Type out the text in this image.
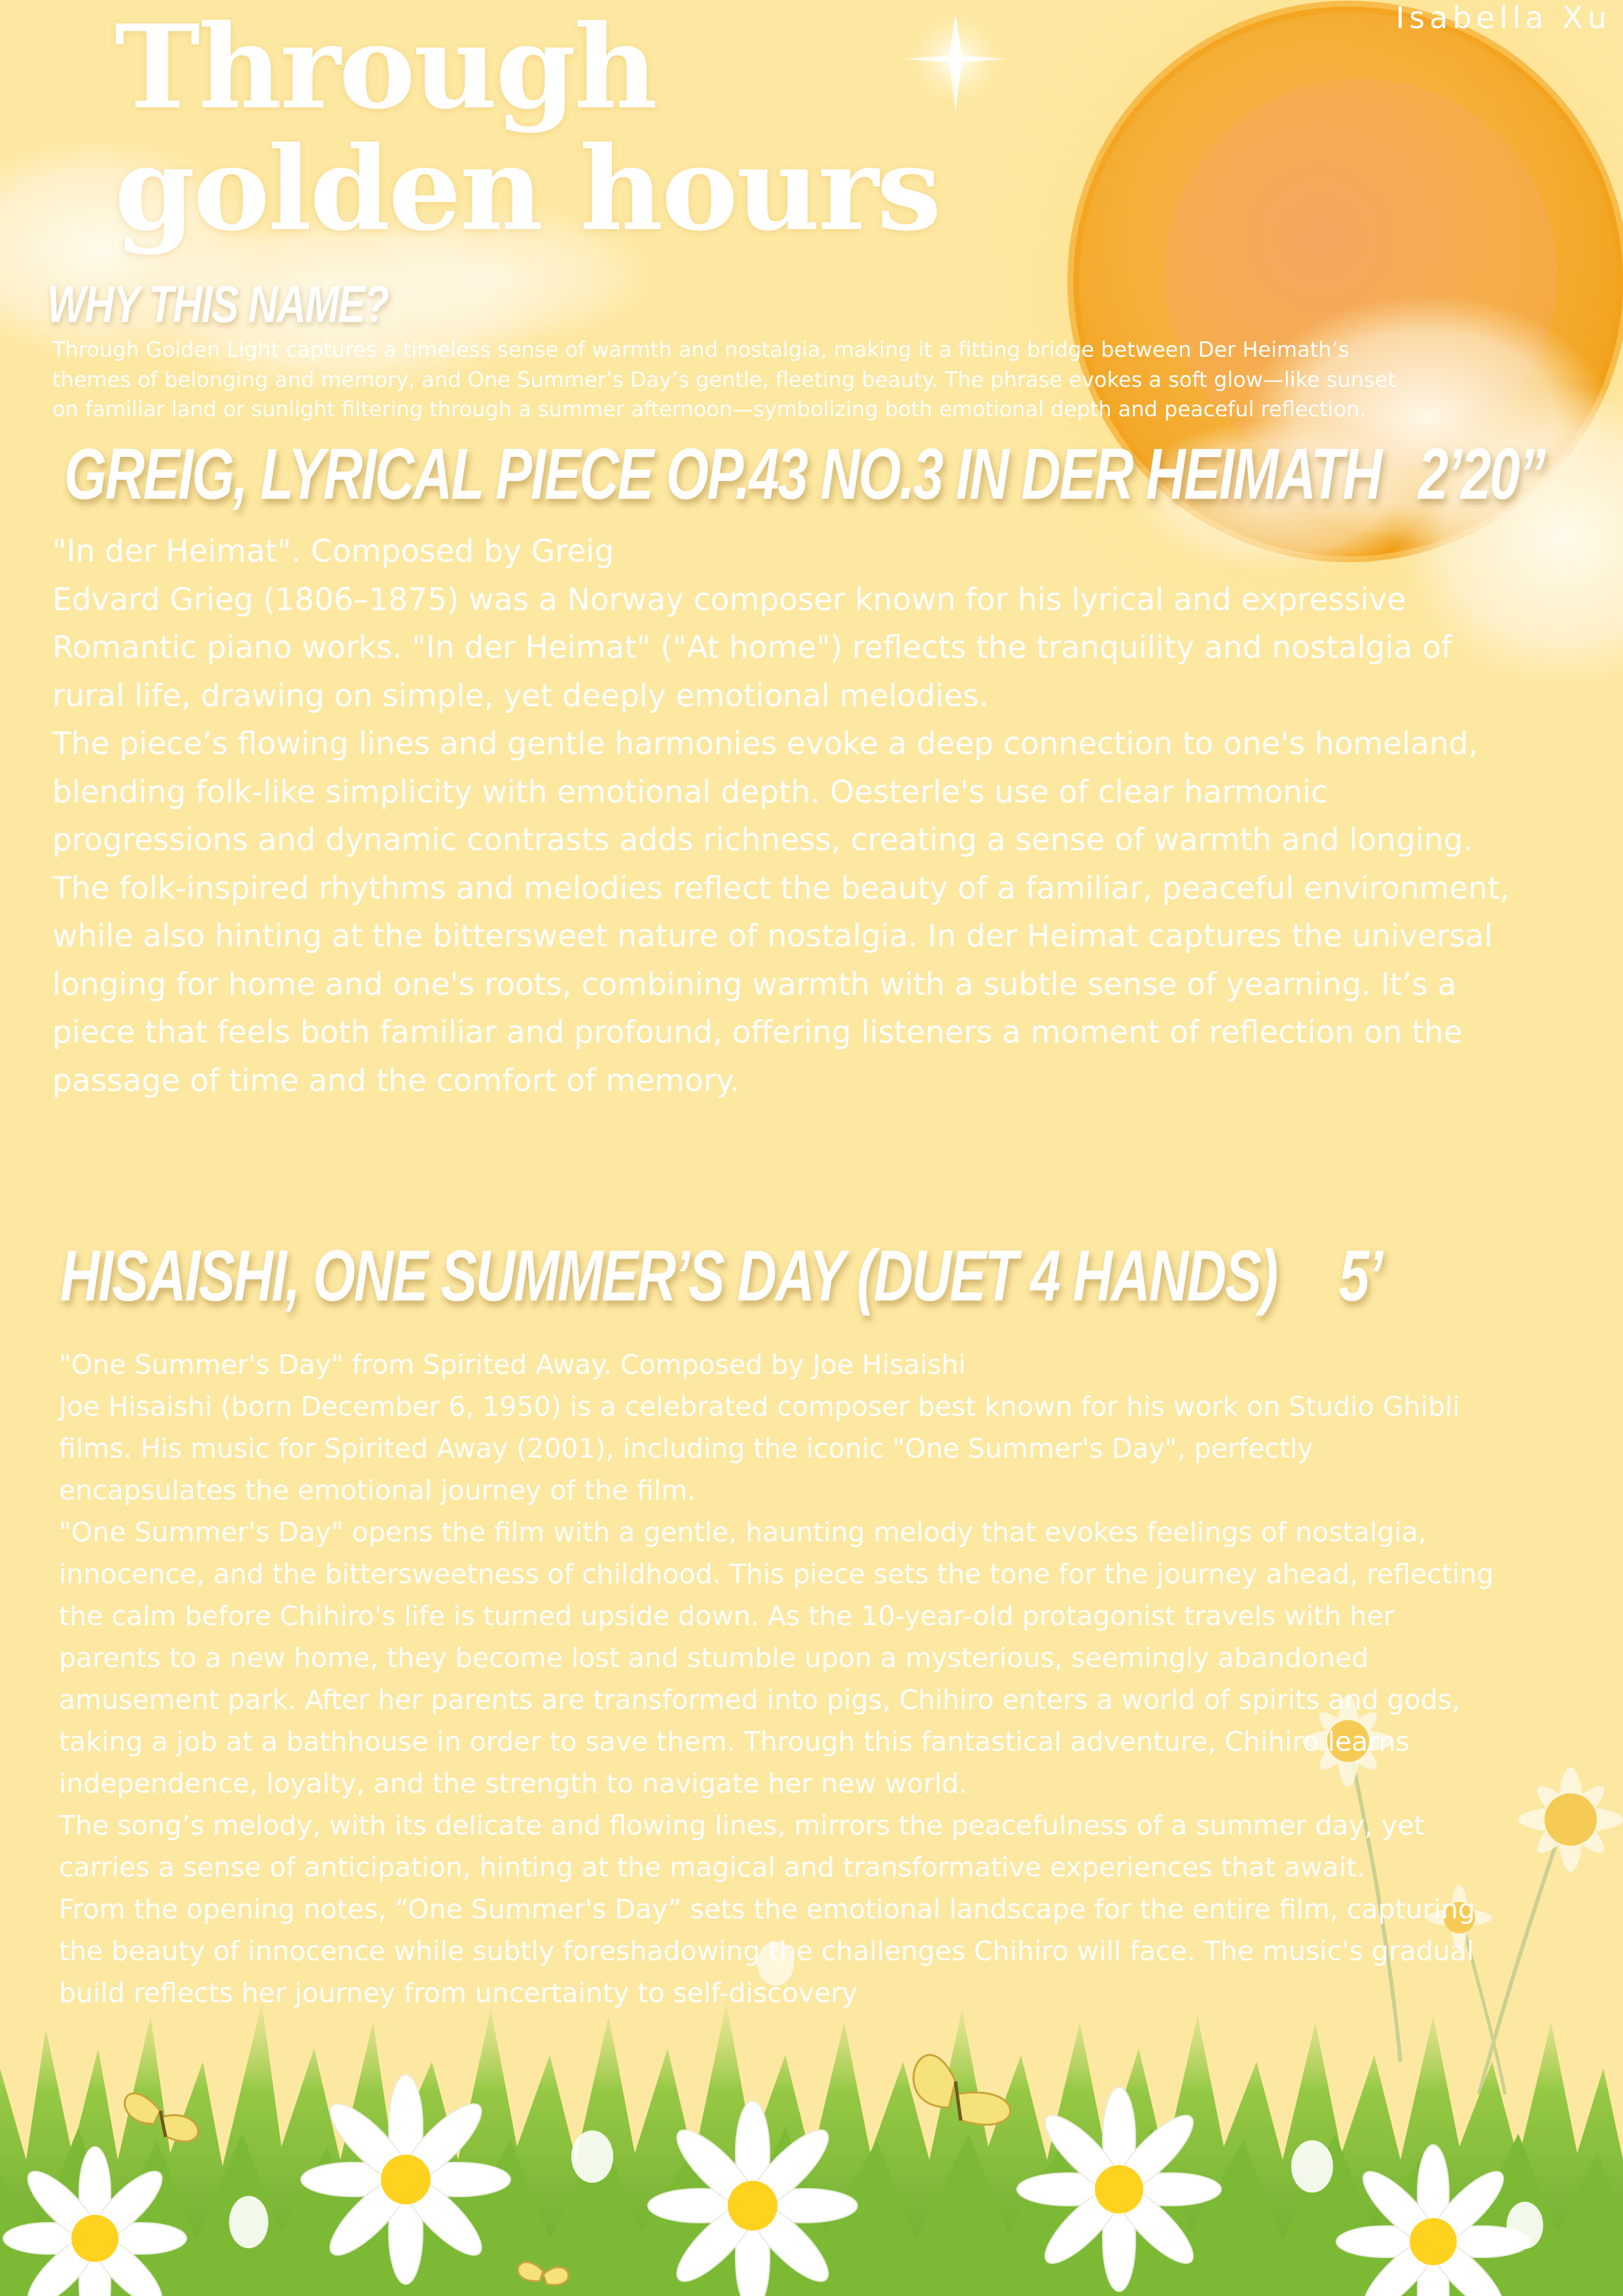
Isabella Xu
Through golden hours
WHY THIS NAME?

Through Golden Light captures a timeless sense of warmth and nostalgia, making it a fitting bridge between Der Heimath’s themes of belonging and memory, and One Summer’s Day’s gentle, fleeting beauty. The phrase evokes a soft glow—like sunset on familiar land or sunlight filtering through a summer afternoon—symbolizing both emotional depth and peaceful reflection.

GREIG, LYRICAL PIECE OP.43 NO.3 IN DER HEIMATH 2’20”

"In der Heimat". Composed by Greig

Edvard Grieg (1806–1875) was a Norway composer known for his lyrical and expressive Romantic piano works. "In der Heimat" ("At home") reflects the tranquility and nostalgia of rural life, drawing on simple, yet deeply emotional melodies.

The piece’s flowing lines and gentle harmonies evoke a deep connection to one's homeland, blending folk-like simplicity with emotional depth. Oesterle's use of clear harmonic progressions and dynamic contrasts adds richness, creating a sense of warmth and longing. The folk-inspired rhythms and melodies reflect the beauty of a familiar, peaceful environment, while also hinting at the bittersweet nature of nostalgia. In der Heimat captures the universal longing for home and one's roots, combining warmth with a subtle sense of yearning. It’s a piece that feels both familiar and profound, offering listeners a moment of reflection on the passage of time and the comfort of memory.

HISAISHI, ONE SUMMER’S DAY (DUET 4 HANDS) 5’

"One Summer's Day" from Spirited Away. Composed by Joe Hisaishi

Joe Hisaishi (born December 6, 1950) is a celebrated composer best known for his work on Studio Ghibli films. His music for Spirited Away (2001), including the iconic "One Summer's Day", perfectly encapsulates the emotional journey of the film.

"One Summer's Day" opens the film with a gentle, haunting melody that evokes feelings of nostalgia, innocence, and the bittersweetness of childhood. This piece sets the tone for the journey ahead, reflecting the calm before Chihiro's life is turned upside down. As the 10-year-old protagonist travels with her parents to a new home, they become lost and stumble upon a mysterious, seemingly abandoned amusement park. After her parents are transformed into pigs, Chihiro enters a world of spirits and gods, taking a job at a bathhouse in order to save them. Through this fantastical adventure, Chihiro learns independence, loyalty, and the strength to navigate her new world.

The song’s melody, with its delicate and flowing lines, mirrors the peacefulness of a summer day, yet carries a sense of anticipation, hinting at the magical and transformative experiences that await.

From the opening notes, “One Summer's Day” sets the emotional landscape for the entire film, capturing the beauty of innocence while subtly foreshadowing the challenges Chihiro will face. The music's gradual build reflects her journey from uncertainty to self-discovery
